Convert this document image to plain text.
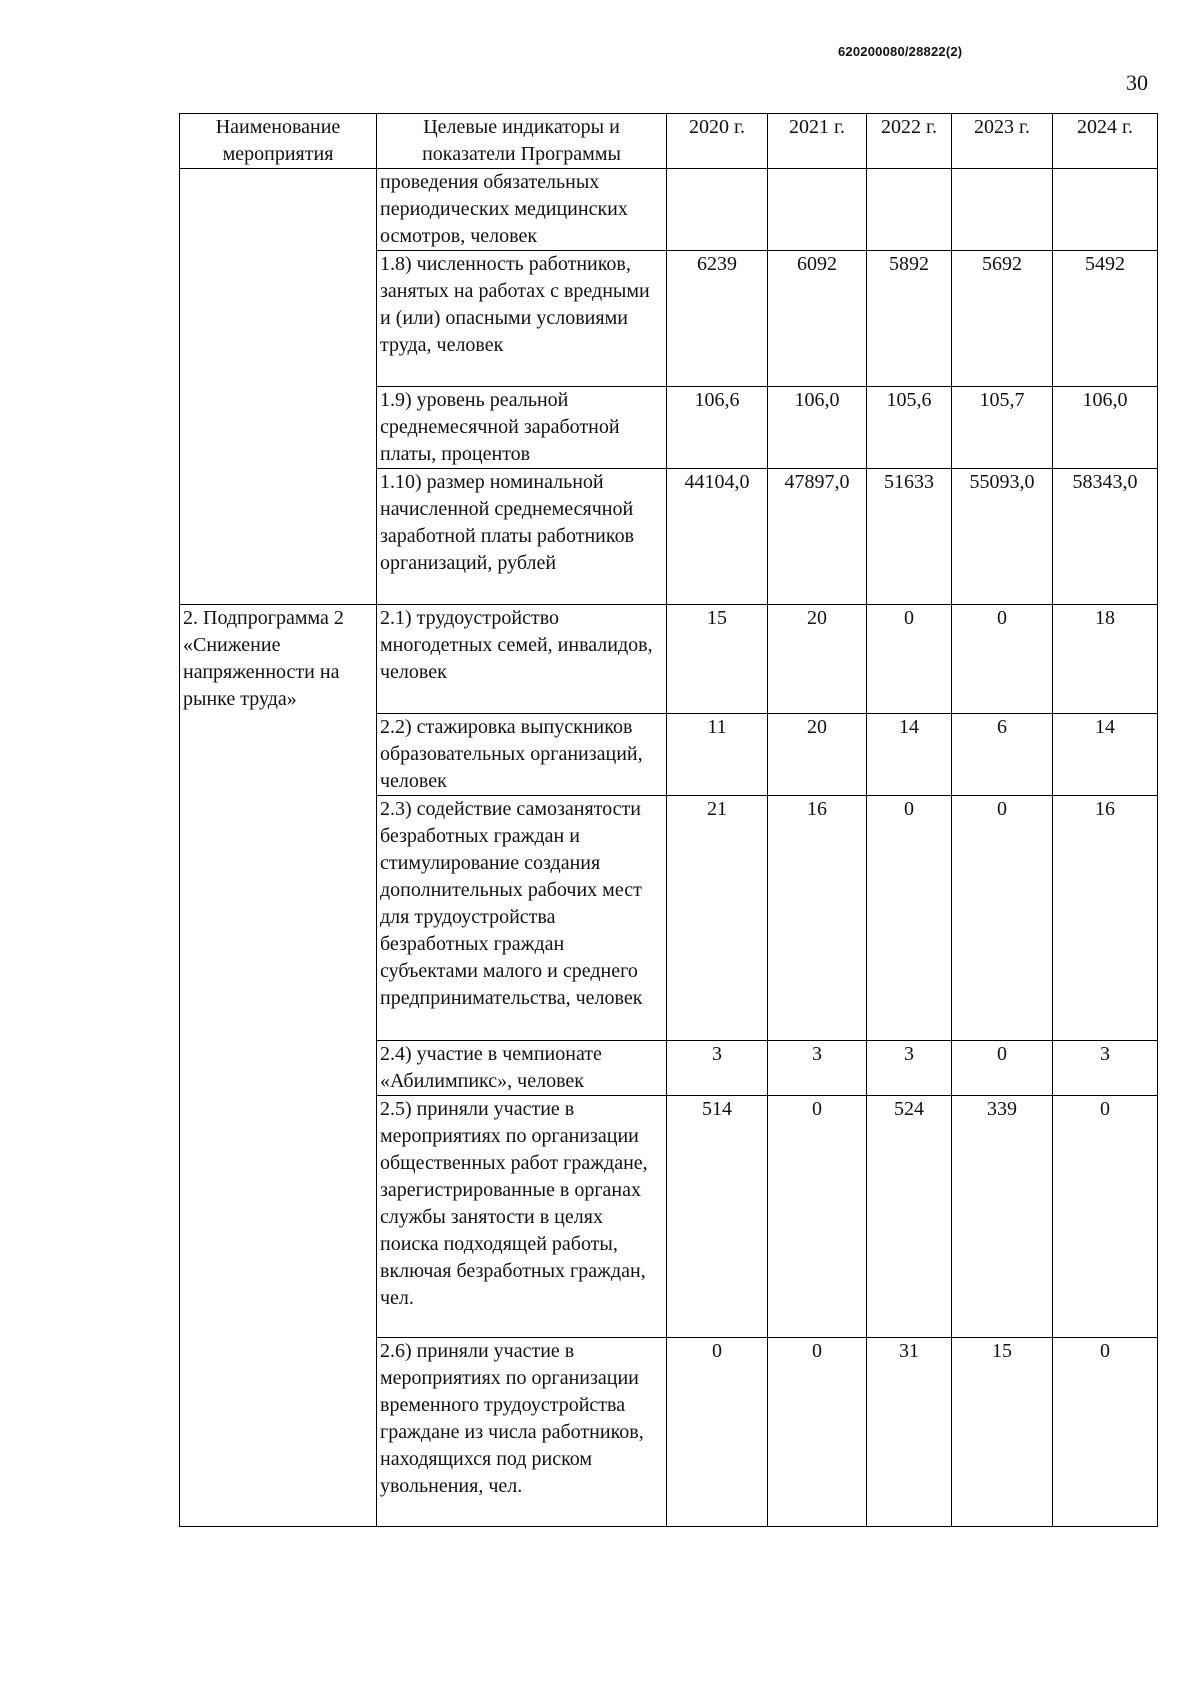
620200080/28822(2)
30
Наименование мероприятия	Целевые индикаторы и показатели Программы	2020 г.	2021 г.	2022 г.	2023 г.	2024 г.
	проведения обязательных периодических медицинских осмотров, человек					
	1.8) численность работников, занятых на работах с вредными и (или) опасными условиями труда, человек	6239	6092	5892	5692	5492
	1.9) уровень реальной среднемесячной заработной платы, процентов	106,6	106,0	105,6	105,7	106,0
	1.10) размер номинальной начисленной среднемесячной заработной платы работников организаций, рублей	44104,0	47897,0	51633	55093,0	58343,0
2. Подпрограмма 2 «Снижение напряженности на рынке труда»	2.1) трудоустройство многодетных семей, инвалидов, человек	15	20	0	0	18
	2.2) стажировка выпускников образовательных организаций, человек	11	20	14	6	14
	2.3) содействие самозанятости безработных граждан и стимулирование создания дополнительных рабочих мест для трудоустройства безработных граждан субъектами малого и среднего предпринимательства, человек	21	16	0	0	16
	2.4) участие в чемпионате «Абилимпикс», человек	3	3	3	0	3
	2.5) приняли участие в мероприятиях по организации общественных работ граждане, зарегистрированные в органах службы занятости в целях поиска подходящей работы, включая безработных граждан, чел.	514	0	524	339	0
	2.6) приняли участие в мероприятиях по организации временного трудоустройства граждане из числа работников, находящихся под риском увольнения, чел.	0	0	31	15	0
